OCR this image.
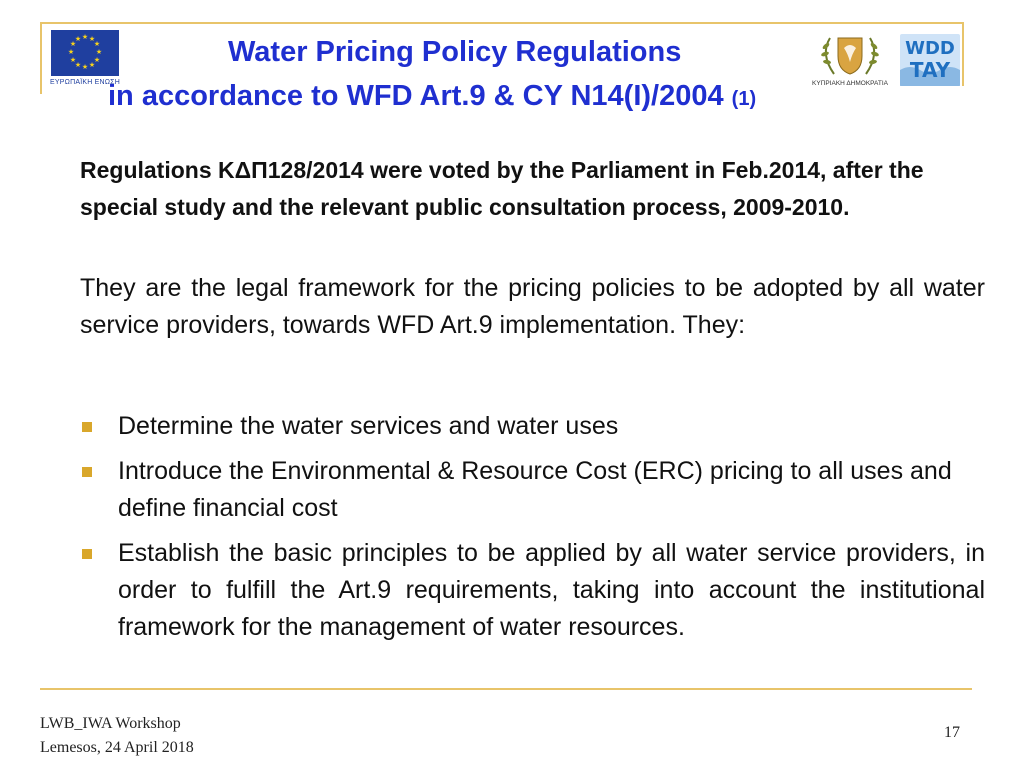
★ ★
★
★
★
★
★
★
★
★
★
★
ΕΥΡΩΠΑΪΚΗ ΕΝΩΣΗ
Water Pricing Policy Regulations
in accordance to WFD Art.9 & CY N14(I)/2004 (1)
ΚΥΠΡΙΑΚΗ ΔΗΜΟΚΡΑΤΙΑ
WDD
TAY
Regulations ΚΔΠ128/2014 were voted by the Parliament in Feb.2014, after the special study and the relevant public consultation process, 2009-2010.
They are the legal framework for the pricing policies to be adopted by all water service providers, towards WFD Art.9 implementation. They:
Determine the water services and water uses
Introduce the Environmental & Resource Cost (ERC) pricing to all uses and define financial cost
Establish the basic principles to be applied by all water service providers, in order to fulfill the Art.9 requirements, taking into account the institutional framework for the management of water resources.
LWB_IWA Workshop
Lemesos, 24 April 2018
17
